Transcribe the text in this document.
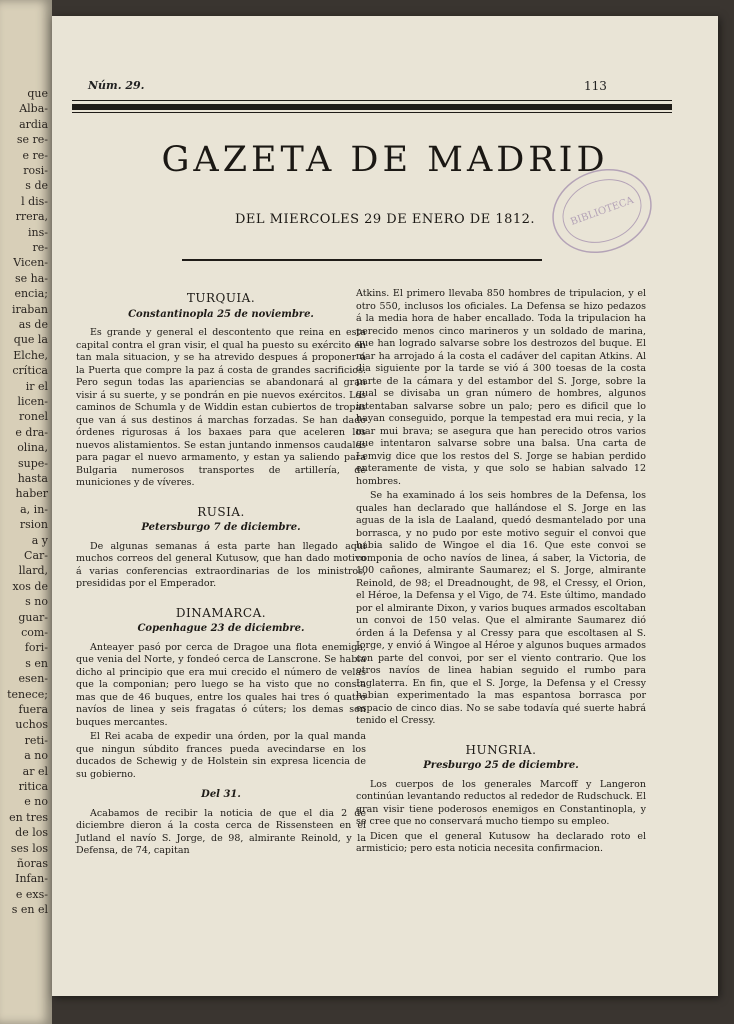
que
Alba-
ardia
se re-
e re-
rosi-
s de
l dis-
rrera,
ins-
re-
Vicen-
se ha-
encia;
iraban
as de
que la
Elche,
crítica
ir el
licen-
ronel
e dra-
olina,
supe-
hasta
haber
a, in-
rsion
a y
Car-
llard,
xos de
s no
guar-
com-
fori-
s en
esen-
tenece;
fuera
uchos
reti-
a no
ar el
ritica
e no
en tres
de los
ses los
ñoras
Infan-
e exs-
s en el
Núm. 29.	113
GAZETA DE MADRID
DEL MIERCOLES 29 DE ENERO DE 1812.	BIBLIOTECA
TURQUIA.
Constantinopla 25 de noviembre.

Es grande y general el descontento que reina en esta capital contra el gran visir, el qual ha puesto su exército en tan mala situacion, y se ha atrevido despues á proponer á la Puerta que compre la paz á costa de grandes sacrificios. Pero segun todas las apariencias se abandonará al gran visir á su suerte, y se pondrán en pie nuevos exércitos. Los caminos de Schumla y de Widdin estan cubiertos de tropas que van á sus destinos á marchas forzadas. Se han dado órdenes rigurosas á los baxaes para que aceleren los nuevos alistamientos. Se estan juntando inmensos caudales para pagar el nuevo armamento, y estan ya saliendo para Bulgaria numerosos transportes de artillería, de municiones y de víveres.

RUSIA.
Petersburgo 7 de diciembre.

De algunas semanas á esta parte han llegado aquí muchos correos del general Kutusow, que han dado motivo á varias conferencias extraordinarias de los ministros, presididas por el Emperador.

DINAMARCA.
Copenhague 23 de diciembre.

Anteayer pasó por cerca de Dragoe una flota enemiga, que venia del Norte, y fondeó cerca de Lanscrone. Se habia dicho al principio que era mui crecido el número de velas que la componian; pero luego se ha visto que no consta mas que de 46 buques, entre los quales hai tres ó quatro navíos de linea y seis fragatas ó cúters; los demas son buques mercantes.

El Rei acaba de expedir una órden, por la qual manda que ningun súbdito frances pueda avecindarse en los ducados de Schewig y de Holstein sin expresa licencia de su gobierno.

Del 31.

Acabamos de recibir la noticia de que el dia 2 de diciembre dieron á la costa cerca de Rissensteen en el Jutland el navío S. Jorge, de 98, almirante Reinold, y la Defensa, de 74, capitan

Atkins. El primero llevaba 850 hombres de tripulacion, y el otro 550, inclusos los oficiales. La Defensa se hizo pedazos á la media hora de haber encallado. Toda la tripulacion ha perecido menos cinco marineros y un soldado de marina, que han logrado salvarse sobre los destrozos del buque. El mar ha arrojado á la costa el cadáver del capitan Atkins. Al dia siguiente por la tarde se vió á 300 toesas de la costa parte de la cámara y del estambor del S. Jorge, sobre la qual se divisaba un gran número de hombres, algunos intentaban salvarse sobre un palo; pero es dificil que lo hayan conseguido, porque la tempestad era mui recia, y la mar mui brava; se asegura que han perecido otros varios que intentaron salvarse sobre una balsa. Una carta de Lemvig dice que los restos del S. Jorge se habian perdido enteramente de vista, y que solo se habian salvado 12 hombres.

Se ha examinado á los seis hombres de la Defensa, los quales han declarado que hallándose el S. Jorge en las aguas de la isla de Laaland, quedó desmantelado por una borrasca, y no pudo por este motivo seguir el convoi que habia salido de Wingoe el dia 16. Que este convoi se componia de ocho navíos de linea, á saber, la Victoria, de 100 cañones, almirante Saumarez; el S. Jorge, almirante Reinold, de 98; el Dreadnought, de 98, el Cressy, el Orion, el Héroe, la Defensa y el Vigo, de 74. Este último, mandado por el almirante Dixon, y varios buques armados escoltaban un convoi de 150 velas. Que el almirante Saumarez dió órden á la Defensa y al Cressy para que escoltasen al S. Jorge, y envió á Wingoe al Héroe y algunos buques armados con parte del convoi, por ser el viento contrario. Que los otros navíos de linea habian seguido el rumbo para Inglaterra. En fin, que el S. Jorge, la Defensa y el Cressy habian experimentado la mas espantosa borrasca por espacio de cinco dias. No se sabe todavía qué suerte habrá tenido el Cressy.

HUNGRIA.
Presburgo 25 de diciembre.

Los cuerpos de los generales Marcoff y Langeron continúan levantando reductos al rededor de Rudschuck. El gran visir tiene poderosos enemigos en Constantinopla, y se cree que no conservará mucho tiempo su empleo.

Dicen que el general Kutusow ha declarado roto el armisticio; pero esta noticia necesita confirmacion.
